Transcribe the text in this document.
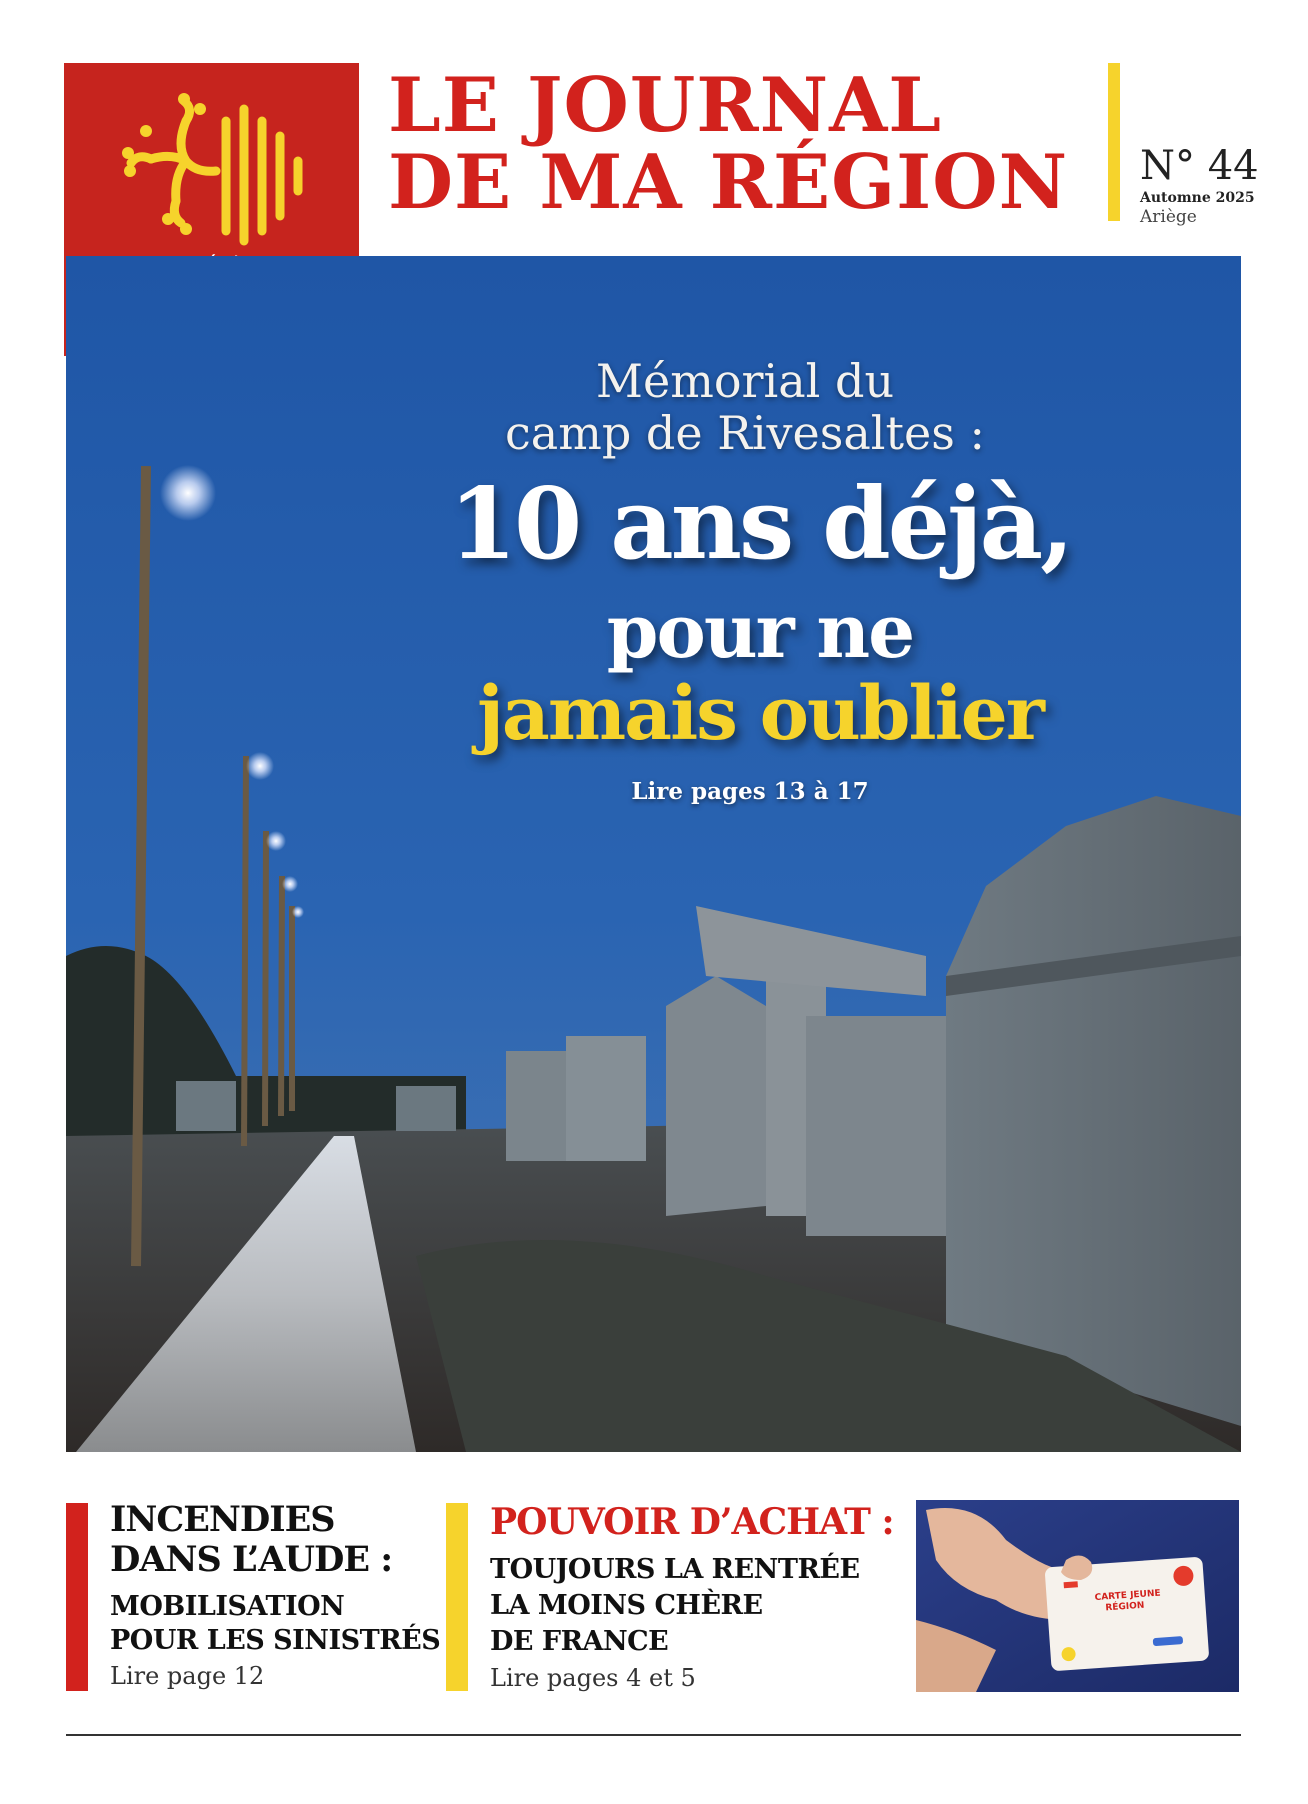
LE JOURNAL
DE MA RÉGION N° 44
Automne 2025
Ariège
Mémorial du
camp de Rivesaltes :
10 ans déjà,
pour ne
jamais oublier
Lire pages 13 à 17
INCENDIES
DANS L’AUDE :
MOBILISATION
POUR LES SINISTRÉS
Lire page 12
POUVOIR D’ACHAT :
TOUJOURS LA RENTRÉE
LA MOINS CHÈRE
DE FRANCE
Lire pages 4 et 5
CARTE JEUNE
RÉGION
